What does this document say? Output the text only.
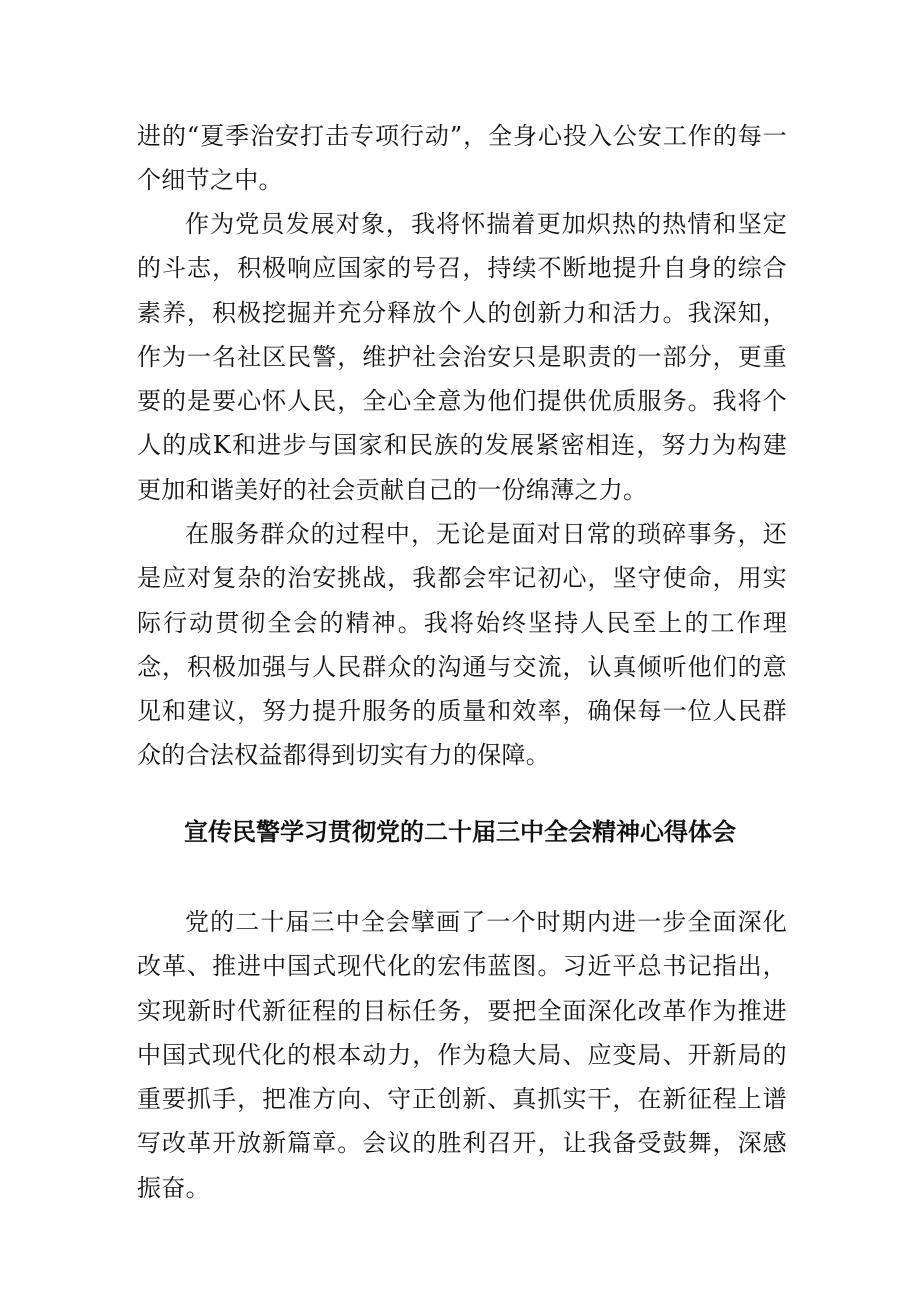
进的“夏季治安打击专项行动”，全身心投入公安工作的每一个细节之中。

作为党员发展对象，我将怀揣着更加炽热的热情和坚定的斗志，积极响应国家的号召，持续不断地提升自身的综合素养，积极挖掘并充分释放个人的创新力和活力。我深知，作为一名社区民警，维护社会治安只是职责的一部分，更重要的是要心怀人民，全心全意为他们提供优质服务。我将个人的成K和进步与国家和民族的发展紧密相连，努力为构建更加和谐美好的社会贡献自己的一份绵薄之力。

在服务群众的过程中，无论是面对日常的琐碎事务，还是应对复杂的治安挑战，我都会牢记初心，坚守使命，用实际行动贯彻全会的精神。我将始终坚持人民至上的工作理念，积极加强与人民群众的沟通与交流，认真倾听他们的意见和建议，努力提升服务的质量和效率，确保每一位人民群众的合法权益都得到切实有力的保障。

宣传民警学习贯彻党的二十届三中全会精神心得体会

党的二十届三中全会擘画了一个时期内进一步全面深化改革、推进中国式现代化的宏伟蓝图。习近平总书记指出，实现新时代新征程的目标任务，要把全面深化改革作为推进中国式现代化的根本动力，作为稳大局、应变局、开新局的重要抓手，把准方向、守正创新、真抓实干，在新征程上谱写改革开放新篇章。会议的胜利召开，让我备受鼓舞，深感振奋。
